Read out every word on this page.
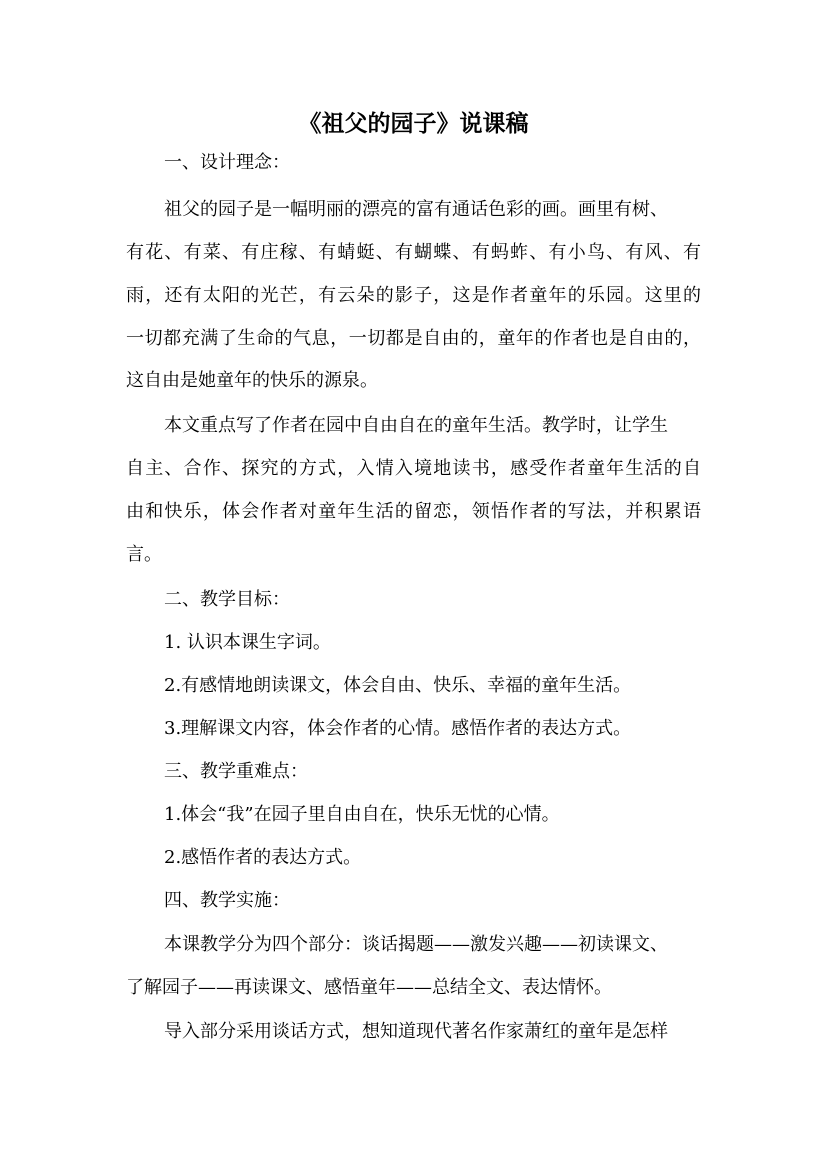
《祖父的园子》说课稿
一、设计理念：
祖父的园子是一幅明丽的漂亮的富有通话色彩的画。画里有树、
有花、有菜、有庄稼、有蜻蜓、有蝴蝶、有蚂蚱、有小鸟、有风、有
雨，还有太阳的光芒，有云朵的影子，这是作者童年的乐园。这里的
一切都充满了生命的气息，一切都是自由的，童年的作者也是自由的，
这自由是她童年的快乐的源泉。
本文重点写了作者在园中自由自在的童年生活。教学时，让学生
自主、合作、探究的方式，入情入境地读书，感受作者童年生活的自
由和快乐，体会作者对童年生活的留恋，领悟作者的写法，并积累语
言。
二、教学目标：
1. 认识本课生字词。
2.有感情地朗读课文，体会自由、快乐、幸福的童年生活。
3.理解课文内容，体会作者的心情。感悟作者的表达方式。
三、教学重难点：
1.体会“我”在园子里自由自在，快乐无忧的心情。
2.感悟作者的表达方式。
四、教学实施：
本课教学分为四个部分：谈话揭题——激发兴趣——初读课文、
了解园子——再读课文、感悟童年——总结全文、表达情怀。
导入部分采用谈话方式，想知道现代著名作家萧红的童年是怎样
